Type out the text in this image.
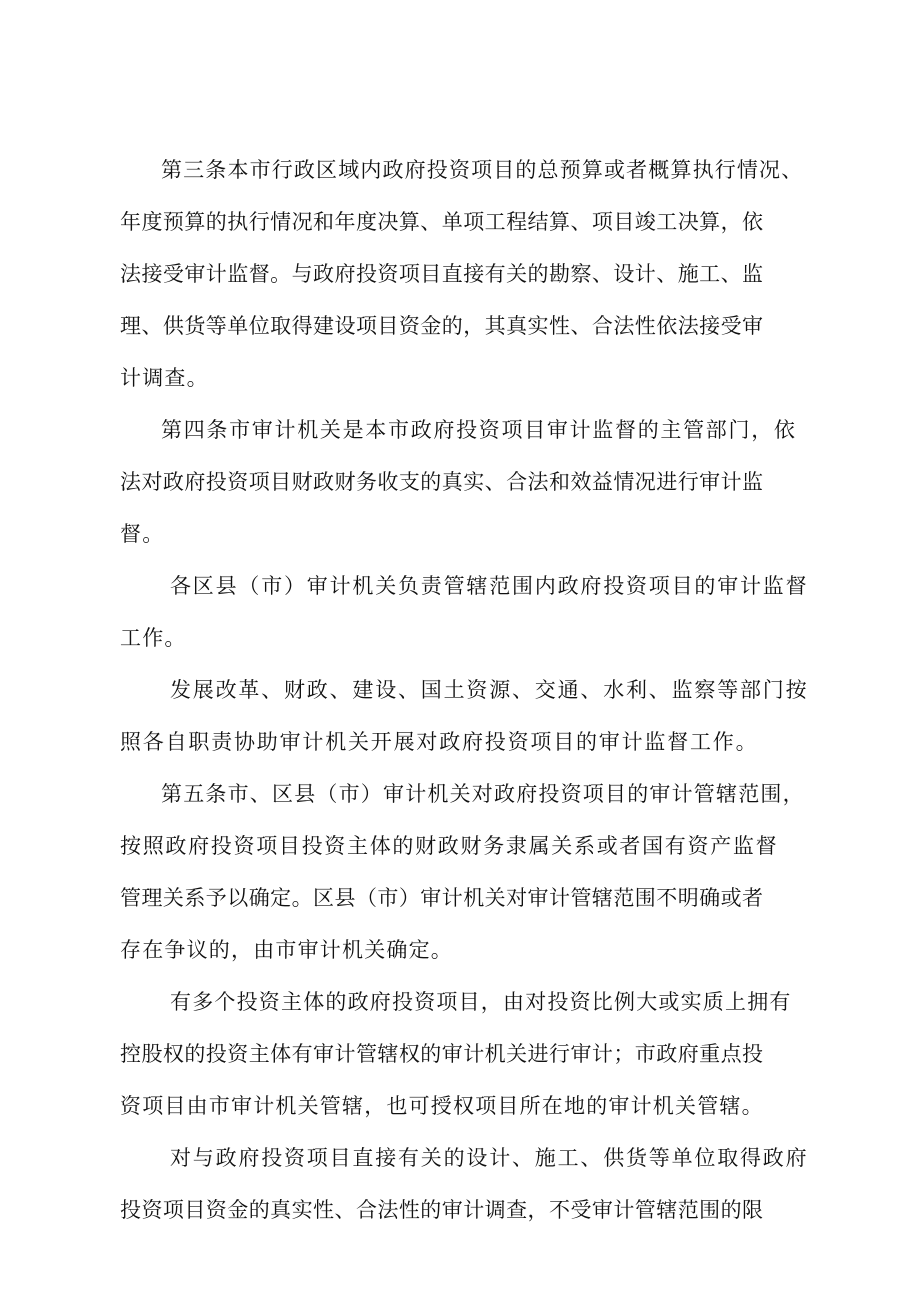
第三条本市行政区域内政府投资项目的总预算或者概算执行情况、
年度预算的执行情况和年度决算、单项工程结算、项目竣工决算，依
法接受审计监督。与政府投资项目直接有关的勘察、设计、施工、监
理、供货等单位取得建设项目资金的，其真实性、合法性依法接受审
计调查。
第四条市审计机关是本市政府投资项目审计监督的主管部门，依
法对政府投资项目财政财务收支的真实、合法和效益情况进行审计监
督。
各区县（市）审计机关负责管辖范围内政府投资项目的审计监督
工作。
发展改革、财政、建设、国土资源、交通、水利、监察等部门按
照各自职责协助审计机关开展对政府投资项目的审计监督工作。
第五条市、区县（市）审计机关对政府投资项目的审计管辖范围，
按照政府投资项目投资主体的财政财务隶属关系或者国有资产监督
管理关系予以确定。区县（市）审计机关对审计管辖范围不明确或者
存在争议的，由市审计机关确定。
有多个投资主体的政府投资项目，由对投资比例大或实质上拥有
控股权的投资主体有审计管辖权的审计机关进行审计；市政府重点投
资项目由市审计机关管辖，也可授权项目所在地的审计机关管辖。
对与政府投资项目直接有关的设计、施工、供货等单位取得政府
投资项目资金的真实性、合法性的审计调查，不受审计管辖范围的限
